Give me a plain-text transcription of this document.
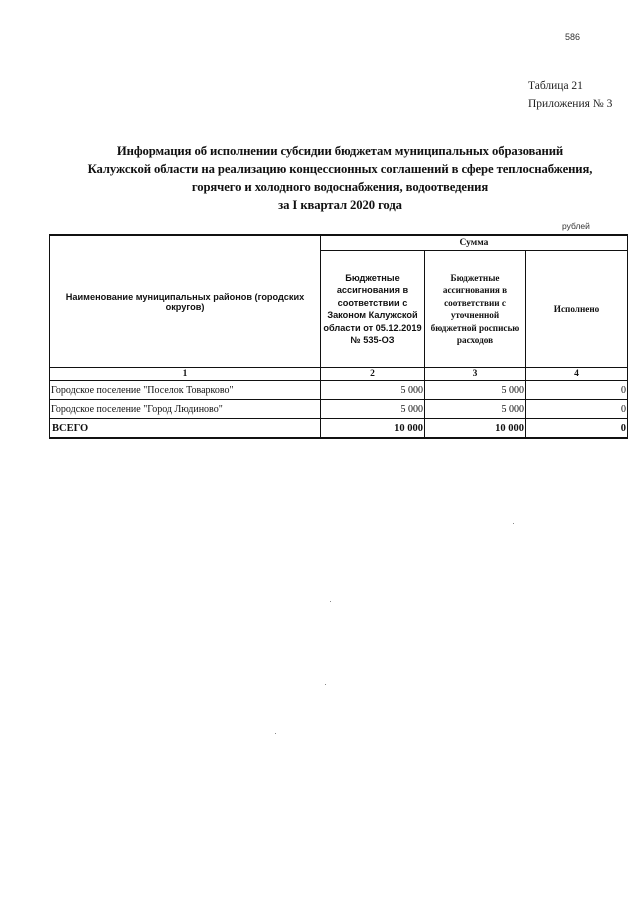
586
Таблица 21
Приложения № 3
Информация об исполнении субсидии бюджетам муниципальных образований
Калужской области на реализацию концессионных соглашений в сфере теплоснабжения,
горячего и холодного водоснабжения, водоотведения
за I квартал 2020 года
рублей
Наименование муниципальных районов (городских округов)	Сумма		
	Бюджетные ассигнования в соответствии с Законом Калужской области от 05.12.2019 № 535-ОЗ	Бюджетные ассигнования в соответствии с уточненной бюджетной росписью расходов	Исполнено
1	2	3	4
Городское поселение "Поселок Товарково"	5 000	5 000	0
Городское поселение "Город Людиново"	5 000	5 000	0
ВСЕГО	10 000	10 000	0
